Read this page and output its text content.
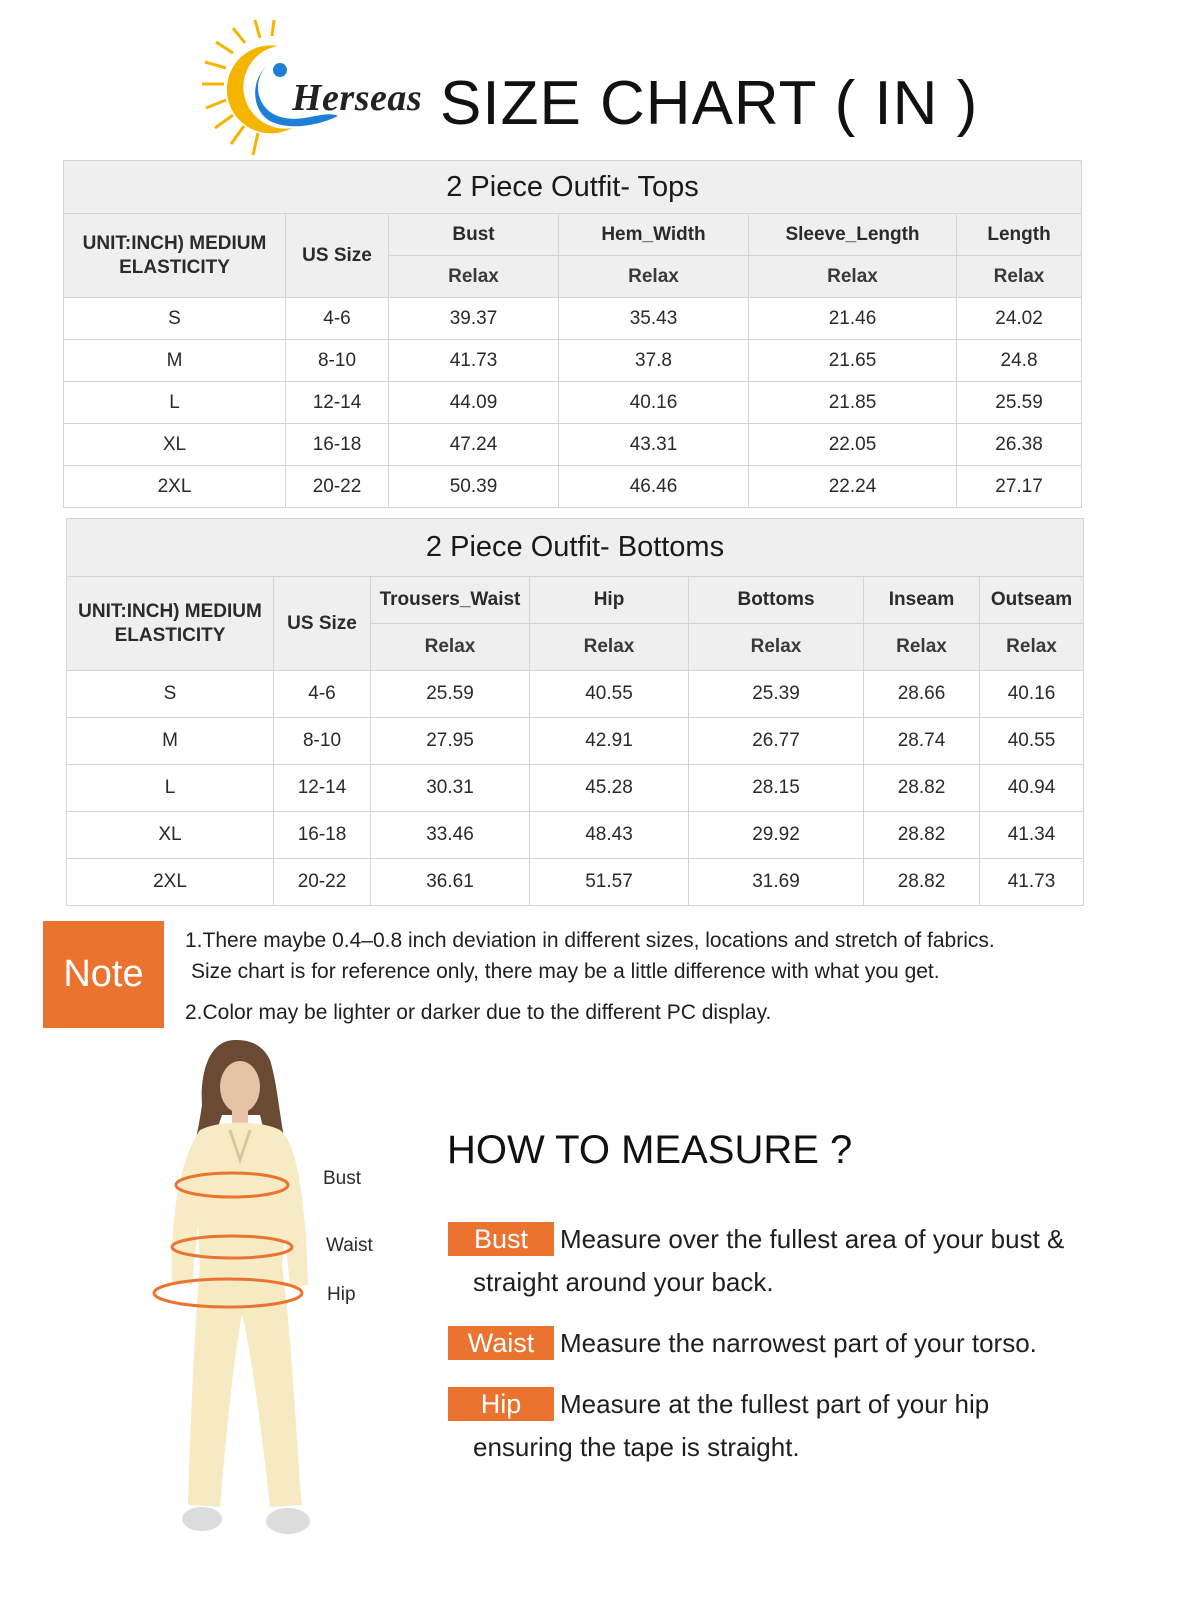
Herseas SIZE CHART ( IN )
2 Piece Outfit- Tops					
UNIT:INCH) MEDIUM ELASTICITY	US Size	Bust	Hem_Width	Sleeve_Length	Length
		Relax	Relax	Relax	Relax
S	4-6	39.37	35.43	21.46	24.02
M	8-10	41.73	37.8	21.65	24.8
L	12-14	44.09	40.16	21.85	25.59
XL	16-18	47.24	43.31	22.05	26.38
2XL	20-22	50.39	46.46	22.24	27.17
2 Piece Outfit- Bottoms						
UNIT:INCH) MEDIUM ELASTICITY	US Size	Trousers_Waist	Hip	Bottoms	Inseam	Outseam
		Relax	Relax	Relax	Relax	Relax
S	4-6	25.59	40.55	25.39	28.66	40.16
M	8-10	27.95	42.91	26.77	28.74	40.55
L	12-14	30.31	45.28	28.15	28.82	40.94
XL	16-18	33.46	48.43	29.92	28.82	41.34
2XL	20-22	36.61	51.57	31.69	28.82	41.73
Note
1.There maybe 0.4–0.8 inch deviation in different sizes, locations and stretch of fabrics.
Size chart is for reference only, there may be a little difference with what you get.
2.Color may be lighter or darker due to the different PC display.
Bust
Waist
Hip
HOW TO MEASURE ?
Bust	Measure over the fullest area of your bust &
straight around your back.
Waist Measure the narrowest part of your torso.
Hip	Measure at the fullest part of your hip
ensuring the tape is straight.
